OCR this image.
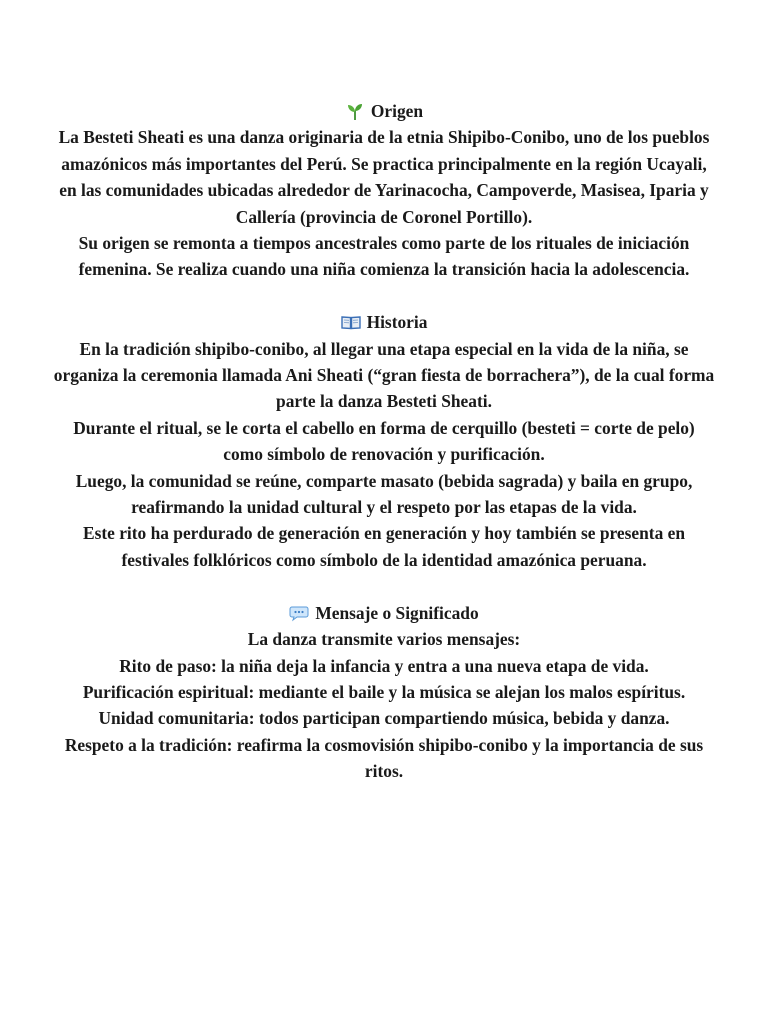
Origen

La Besteti Sheati es una danza originaria de la etnia Shipibo-Conibo, uno de los pueblos amazónicos más importantes del Perú. Se practica principalmente en la región Ucayali, en las comunidades ubicadas alrededor de Yarinacocha, Campoverde, Masisea, Iparia y Callería (provincia de Coronel Portillo).

Su origen se remonta a tiempos ancestrales como parte de los rituales de iniciación femenina. Se realiza cuando una niña comienza la transición hacia la adolescencia.

Historia

En la tradición shipibo-conibo, al llegar una etapa especial en la vida de la niña, se organiza la ceremonia llamada Ani Sheati (“gran fiesta de borrachera”), de la cual forma parte la danza Besteti Sheati.

Durante el ritual, se le corta el cabello en forma de cerquillo (besteti = corte de pelo) como símbolo de renovación y purificación.

Luego, la comunidad se reúne, comparte masato (bebida sagrada) y baila en grupo, reafirmando la unidad cultural y el respeto por las etapas de la vida.

Este rito ha perdurado de generación en generación y hoy también se presenta en festivales folklóricos como símbolo de la identidad amazónica peruana.

Mensaje o Significado

La danza transmite varios mensajes:

Rito de paso: la niña deja la infancia y entra a una nueva etapa de vida.

Purificación espiritual: mediante el baile y la música se alejan los malos espíritus.

Unidad comunitaria: todos participan compartiendo música, bebida y danza.

Respeto a la tradición: reafirma la cosmovisión shipibo-conibo y la importancia de sus ritos.
